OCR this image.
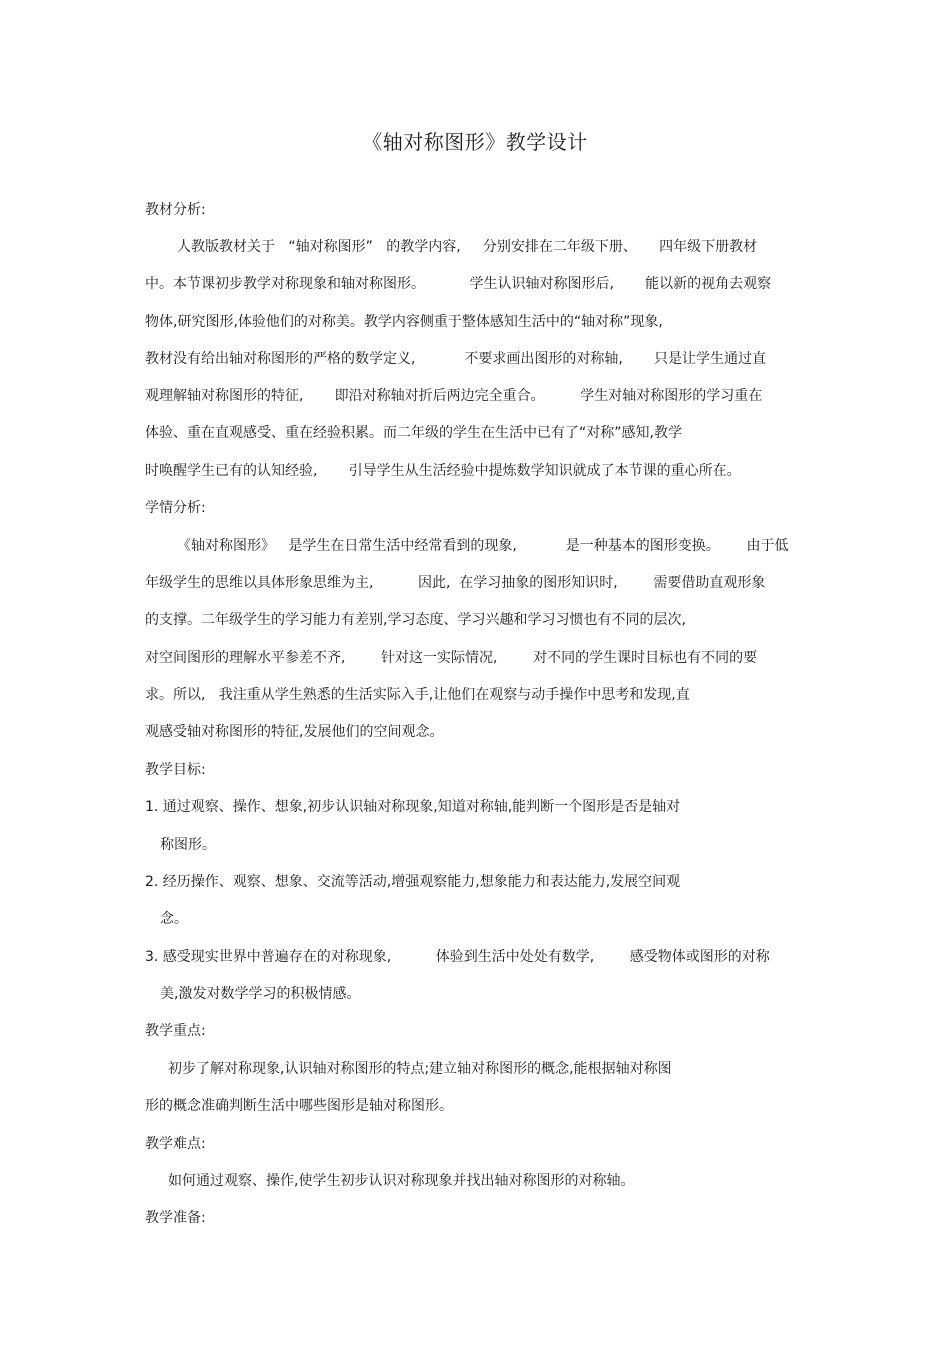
《轴对称图形》教学设计

教材分析:

人教版教材关于   “轴对称图形”   的教学内容,     分别安排在二年级下册、     四年级下册教材

中。本节课初步教学对称现象和轴对称图形。          学生认识轴对称图形后,       能以新的视角去观察

物体,研究图形,体验他们的对称美。教学内容侧重于整体感知生活中的“轴对称”现象,

教材没有给出轴对称图形的严格的数学定义,           不要求画出图形的对称轴,       只是让学生通过直

观理解轴对称图形的特征,       即沿对称轴对折后两边完全重合。        学生对轴对称图形的学习重在

体验、重在直观感受、重在经验积累。而二年级的学生在生活中已有了“对称”感知,教学

时唤醒学生已有的认知经验,       引导学生从生活经验中提炼数学知识就成了本节课的重心所在。

学情分析:

《轴对称图形》   是学生在日常生活中经常看到的现象,           是一种基本的图形变换。      由于低

年级学生的思维以具体形象思维为主,          因此,  在学习抽象的图形知识时,        需要借助直观形象

的支撑。二年级学生的学习能力有差别,学习态度、学习兴趣和学习习惯也有不同的层次,

对空间图形的理解水平参差不齐,        针对这一实际情况,        对不同的学生课时目标也有不同的要

求。所以,   我注重从学生熟悉的生活实际入手,让他们在观察与动手操作中思考和发现,直

观感受轴对称图形的特征,发展他们的空间观念。

教学目标:

1. 通过观察、操作、想象,初步认识轴对称现象,知道对称轴,能判断一个图形是否是轴对

称图形。

2. 经历操作、观察、想象、交流等活动,增强观察能力,想象能力和表达能力,发展空间观

念。

3. 感受现实世界中普遍存在的对称现象,          体验到生活中处处有数学,        感受物体或图形的对称

美,激发对数学学习的积极情感。

教学重点:

初步了解对称现象,认识轴对称图形的特点;建立轴对称图形的概念,能根据轴对称图

形的概念准确判断生活中哪些图形是轴对称图形。

教学难点:

如何通过观察、操作,使学生初步认识对称现象并找出轴对称图形的对称轴。

教学准备:
